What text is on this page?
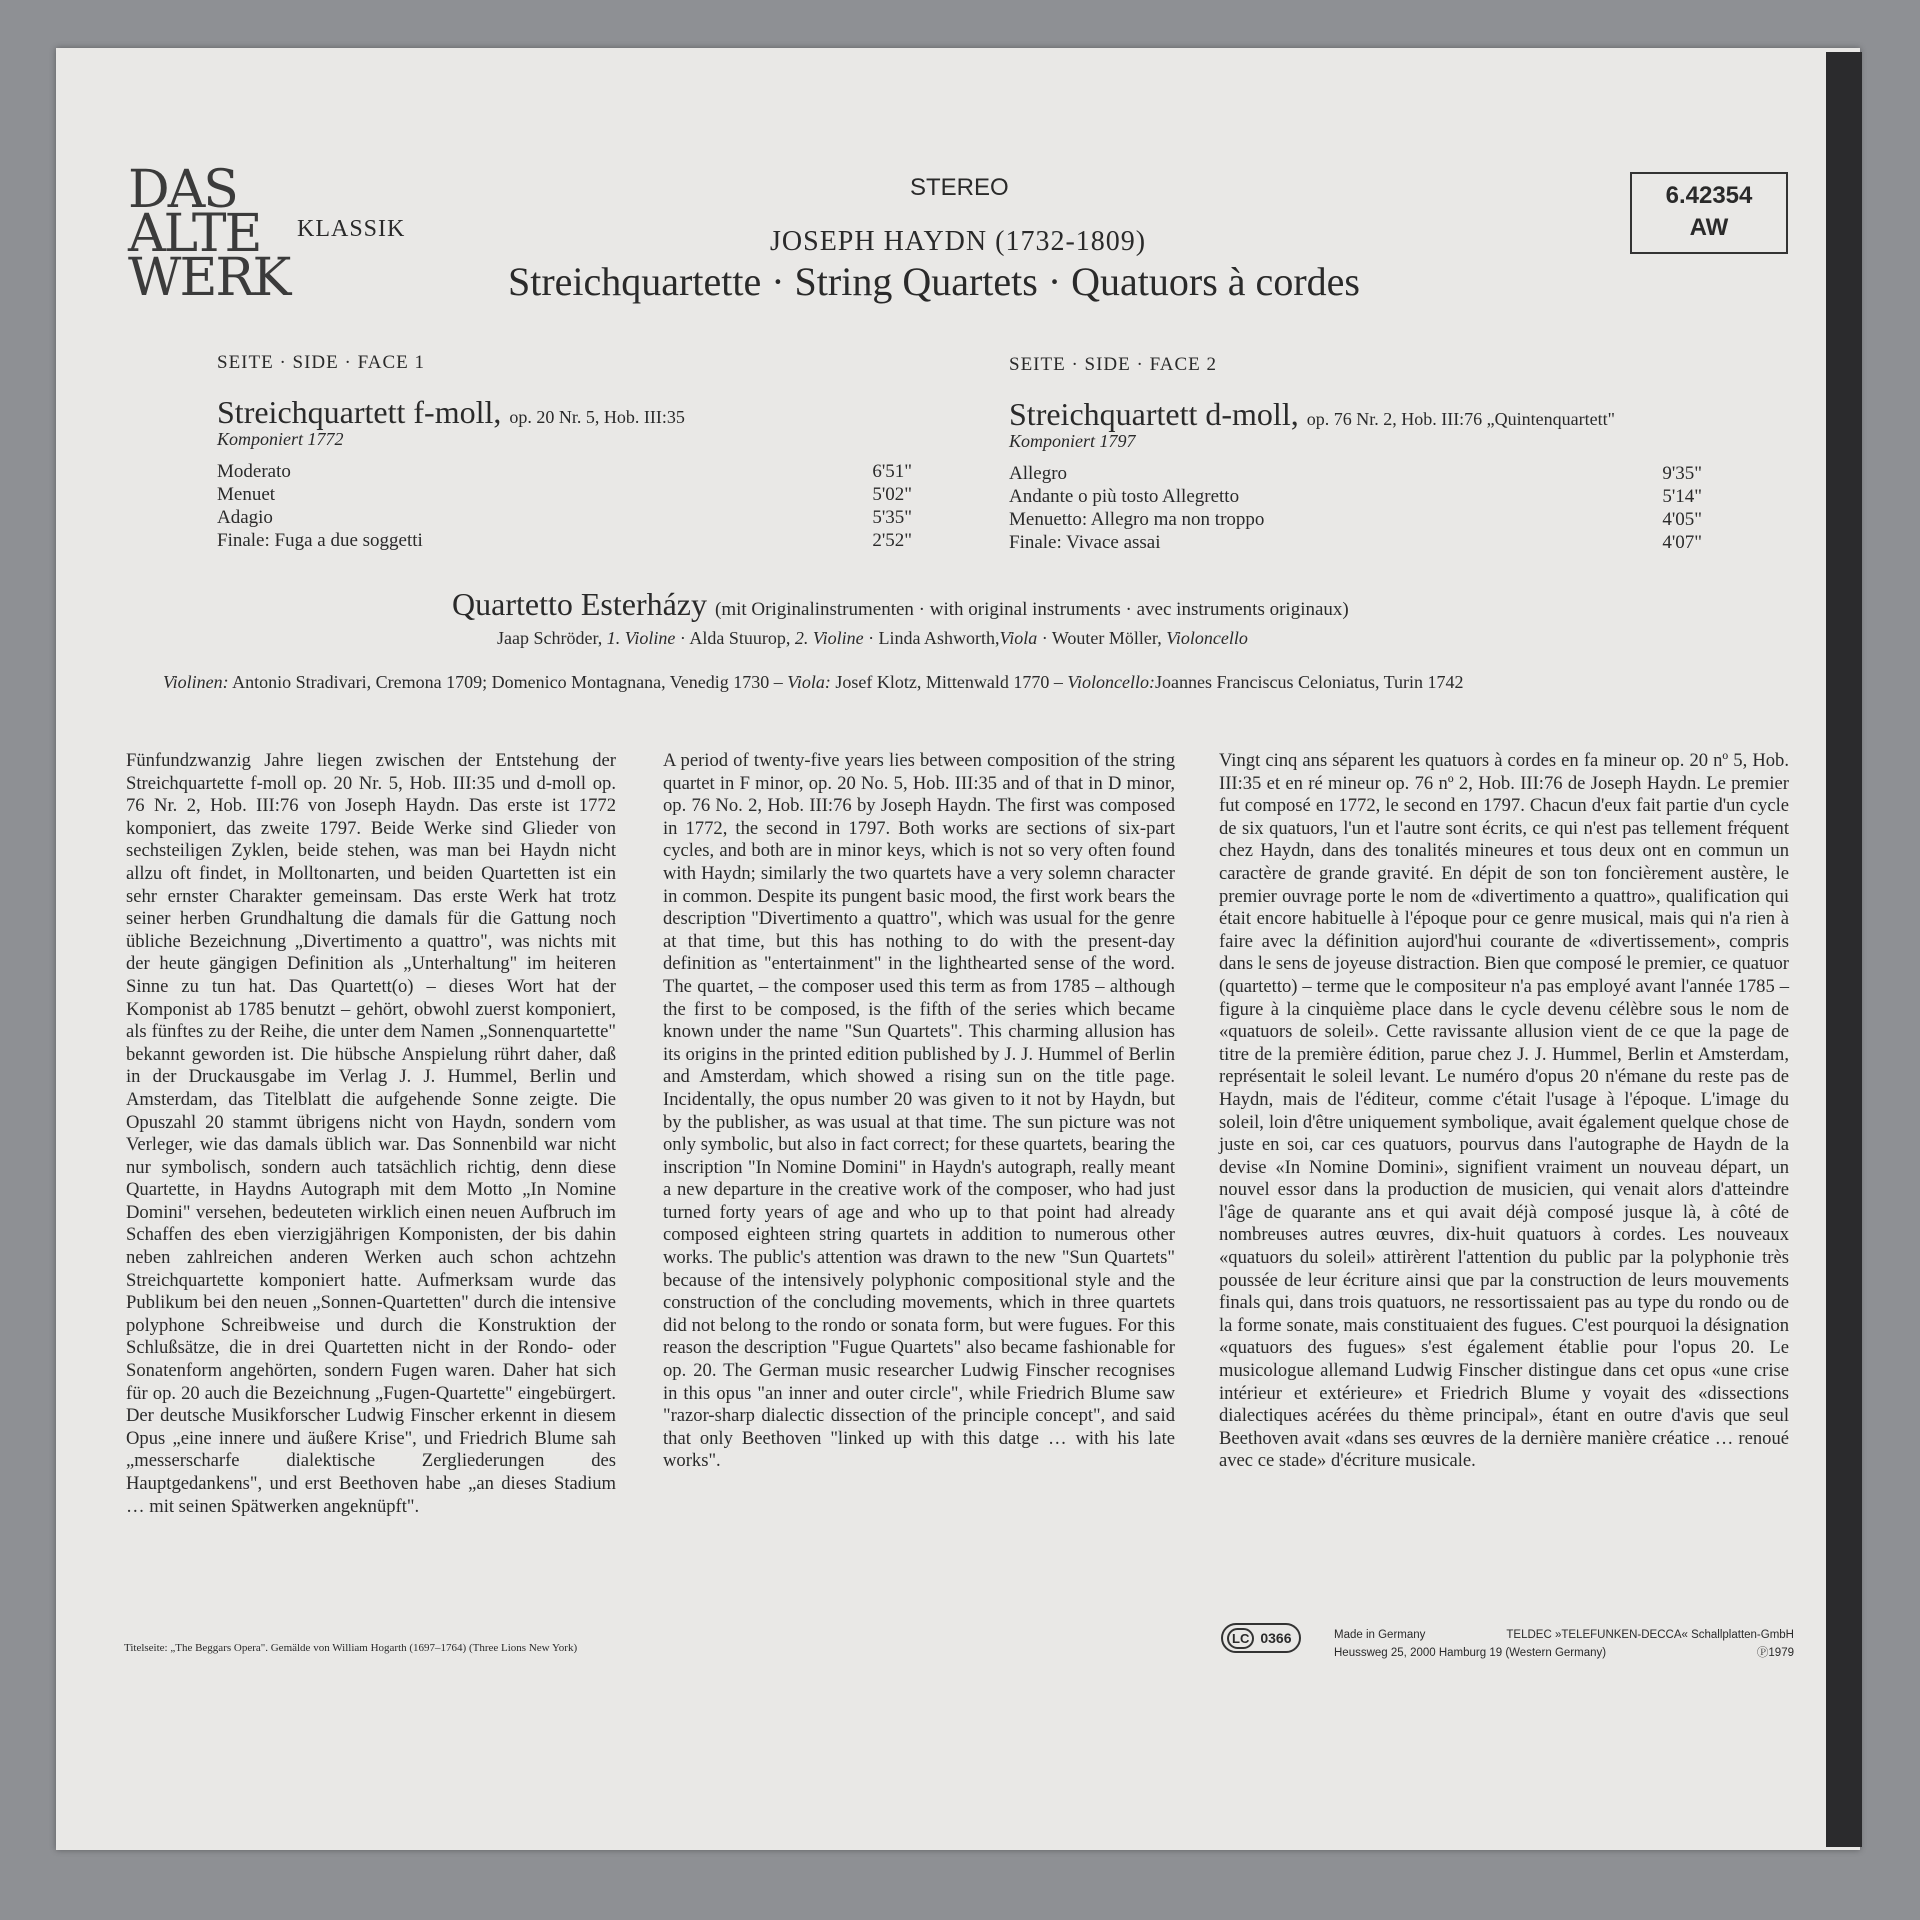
DAS
ALTE
WERK
KLASSIK
STEREO	6.42354
AW
JOSEPH HAYDN (1732-1809)
Streichquartette · String Quartets · Quatuors à cordes
SEITE · SIDE · FACE 1
Streichquartett f-moll, op. 20 Nr. 5, Hob. III:35
Komponiert 1772
Moderato	6'51"
Menuet	5'02"
Adagio	5'35"
Finale: Fuga a due soggetti	2'52"
SEITE · SIDE · FACE 2
Streichquartett d-moll, op. 76 Nr. 2, Hob. III:76 „Quintenquartett"
Komponiert 1797
Allegro	9'35"
Andante o più tosto Allegretto	5'14"
Menuetto: Allegro ma non troppo	4'05"
Finale: Vivace assai	4'07"
Quartetto Esterházy (mit Originalinstrumenten · with original instruments · avec instruments originaux)
Jaap Schröder, 1. Violine · Alda Stuurop, 2. Violine · Linda Ashworth,Viola · Wouter Möller, Violoncello
Violinen: Antonio Stradivari, Cremona 1709; Domenico Montagnana, Venedig 1730 – Viola: Josef Klotz, Mittenwald 1770 – Violoncello:Joannes Franciscus Celoniatus, Turin 1742
Fünfundzwanzig Jahre liegen zwischen der Entstehung der Streichquartette f-moll op. 20 Nr. 5, Hob. III:35 und d-moll op. 76 Nr. 2, Hob. III:76 von Joseph Haydn. Das erste ist 1772 komponiert, das zweite 1797. Beide Werke sind Glieder von sechsteiligen Zyklen, beide stehen, was man bei Haydn nicht allzu oft findet, in Molltonarten, und beiden Quartetten ist ein sehr ernster Charakter gemeinsam. Das erste Werk hat trotz seiner herben Grundhaltung die damals für die Gattung noch übliche Bezeichnung „Divertimento a quattro", was nichts mit der heute gängigen Definition als „Unterhaltung" im heiteren Sinne zu tun hat. Das Quartett(o) – dieses Wort hat der Komponist ab 1785 benutzt – gehört, obwohl zuerst komponiert, als fünftes zu der Reihe, die unter dem Namen „Sonnenquartette" bekannt geworden ist. Die hübsche Anspielung rührt daher, daß in der Druckausgabe im Verlag J. J. Hummel, Berlin und Amsterdam, das Titelblatt die aufgehende Sonne zeigte. Die Opuszahl 20 stammt übrigens nicht von Haydn, sondern vom Verleger, wie das damals üblich war. Das Sonnenbild war nicht nur symbolisch, sondern auch tatsächlich richtig, denn diese Quartette, in Haydns Autograph mit dem Motto „In Nomine Domini" versehen, bedeuteten wirklich einen neuen Aufbruch im Schaffen des eben vierzigjährigen Komponisten, der bis dahin neben zahlreichen anderen Werken auch schon achtzehn Streichquartette komponiert hatte. Aufmerksam wurde das Publikum bei den neuen „Sonnen-Quartetten" durch die intensive polyphone Schreibweise und durch die Konstruktion der Schlußsätze, die in drei Quartetten nicht in der Rondo- oder Sonatenform angehörten, sondern Fugen waren. Daher hat sich für op. 20 auch die Bezeichnung „Fugen-Quartette" eingebürgert. Der deutsche Musikforscher Ludwig Finscher erkennt in diesem Opus „eine innere und äußere Krise", und Friedrich Blume sah „messerscharfe dialektische Zergliederungen des Hauptgedankens", und erst Beethoven habe „an dieses Stadium … mit seinen Spätwerken angeknüpft".
A period of twenty-five years lies between composition of the string quartet in F minor, op. 20 No. 5, Hob. III:35 and of that in D minor, op. 76 No. 2, Hob. III:76 by Joseph Haydn. The first was composed in 1772, the second in 1797. Both works are sections of six-part cycles, and both are in minor keys, which is not so very often found with Haydn; similarly the two quartets have a very solemn character in common. Despite its pungent basic mood, the first work bears the description "Divertimento a quattro", which was usual for the genre at that time, but this has nothing to do with the present-day definition as "entertainment" in the lighthearted sense of the word. The quartet, – the composer used this term as from 1785 – although the first to be composed, is the fifth of the series which became known under the name "Sun Quartets". This charming allusion has its origins in the printed edition published by J. J. Hummel of Berlin and Amsterdam, which showed a rising sun on the title page. Incidentally, the opus number 20 was given to it not by Haydn, but by the publisher, as was usual at that time. The sun picture was not only symbolic, but also in fact correct; for these quartets, bearing the inscription "In Nomine Domini" in Haydn's autograph, really meant a new departure in the creative work of the composer, who had just turned forty years of age and who up to that point had already composed eighteen string quartets in addition to numerous other works. The public's attention was drawn to the new "Sun Quartets" because of the intensively polyphonic compositional style and the construction of the concluding movements, which in three quartets did not belong to the rondo or sonata form, but were fugues. For this reason the description "Fugue Quartets" also became fashionable for op. 20. The German music researcher Ludwig Finscher recognises in this opus "an inner and outer circle", while Friedrich Blume saw "razor-sharp dialectic dissection of the principle concept", and said that only Beethoven "linked up with this datge … with his late works".
Vingt cinq ans séparent les quatuors à cordes en fa mineur op. 20 nº 5, Hob. III:35 et en ré mineur op. 76 nº 2, Hob. III:76 de Joseph Haydn. Le premier fut composé en 1772, le second en 1797. Chacun d'eux fait partie d'un cycle de six quatuors, l'un et l'autre sont écrits, ce qui n'est pas tellement fréquent chez Haydn, dans des tonalités mineures et tous deux ont en commun un caractère de grande gravité. En dépit de son ton foncièrement austère, le premier ouvrage porte le nom de «divertimento a quattro», qualification qui était encore habituelle à l'époque pour ce genre musical, mais qui n'a rien à faire avec la définition aujord'hui courante de «divertissement», compris dans le sens de joyeuse distraction. Bien que composé le premier, ce quatuor (quartetto) – terme que le compositeur n'a pas employé avant l'année 1785 – figure à la cinquième place dans le cycle devenu célèbre sous le nom de «quatuors de soleil». Cette ravissante allusion vient de ce que la page de titre de la première édition, parue chez J. J. Hummel, Berlin et Amsterdam, représentait le soleil levant. Le numéro d'opus 20 n'émane du reste pas de Haydn, mais de l'éditeur, comme c'était l'usage à l'époque. L'image du soleil, loin d'être uniquement symbolique, avait également quelque chose de juste en soi, car ces quatuors, pourvus dans l'autographe de Haydn de la devise «In Nomine Domini», signifient vraiment un nouveau départ, un nouvel essor dans la production de musicien, qui venait alors d'atteindre l'âge de quarante ans et qui avait déjà composé jusque là, à côté de nombreuses autres œuvres, dix-huit quatuors à cordes. Les nouveaux «quatuors du soleil» attirèrent l'attention du public par la polyphonie très poussée de leur écriture ainsi que par la construction de leurs mouvements finals qui, dans trois quatuors, ne ressortissaient pas au type du rondo ou de la forme sonate, mais constituaient des fugues. C'est pourquoi la désignation «quatuors des fugues» s'est également établie pour l'opus 20. Le musicologue allemand Ludwig Finscher distingue dans cet opus «une crise intérieur et extérieure» et Friedrich Blume y voyait des «dissections dialectiques acérées du thème principal», étant en outre d'avis que seul Beethoven avait «dans ses œuvres de la dernière manière créatice … renoué avec ce stade» d'écriture musicale.
Titelseite: „The Beggars Opera". Gemälde von William Hogarth (1697–1764) (Three Lions New York)
LC 0366	Made in Germany	TELDEC »TELEFUNKEN-DECCA« Schallplatten-GmbH
Heussweg 25, 2000 Hamburg 19 (Western Germany)	Ⓟ1979
